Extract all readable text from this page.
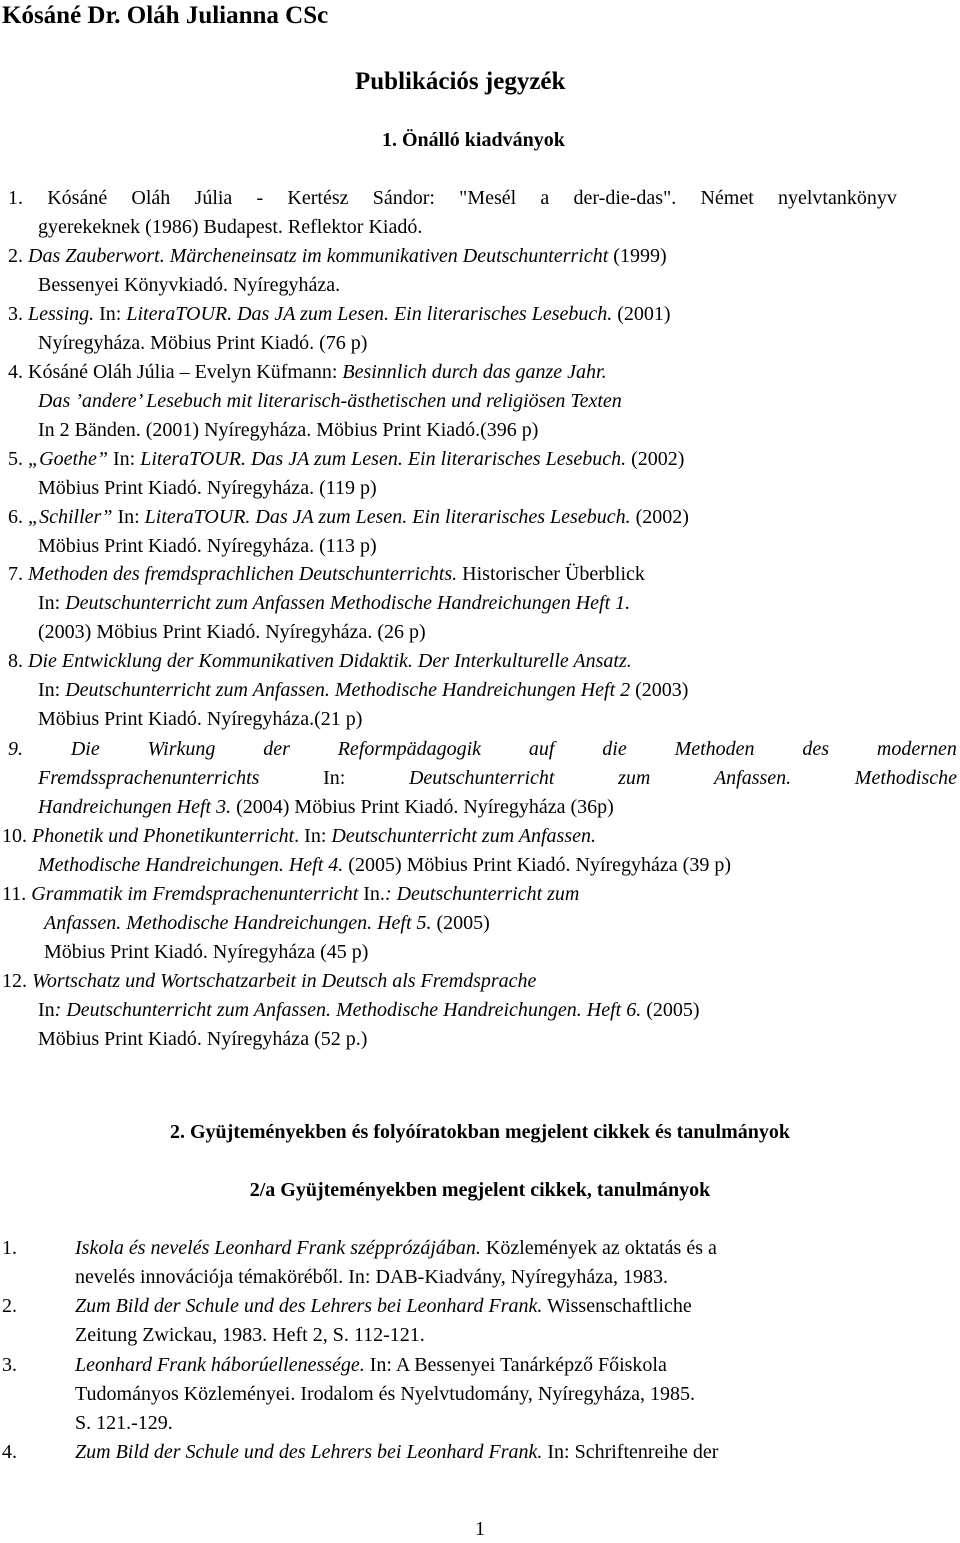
Kósáné Dr. Oláh Julianna CSc
Publikációs jegyzék
1. Önálló kiadványok
1. Kósáné Oláh Júlia - Kertész Sándor: "Mesél a der-die-das". Német nyelvtankönyv
gyerekeknek (1986) Budapest. Reflektor Kiadó.
2. Das Zauberwort. Märcheneinsatz im kommunikativen Deutschunterricht (1999)
Bessenyei Könyvkiadó. Nyíregyháza.
3. Lessing. In: LiteraTOUR. Das JA zum Lesen. Ein literarisches Lesebuch. (2001)
Nyíregyháza. Möbius Print Kiadó. (76 p)
4. Kósáné Oláh Júlia – Evelyn Küfmann: Besinnlich durch das ganze Jahr.
Das ’andere’ Lesebuch mit literarisch-ästhetischen und religiösen Texten
In 2 Bänden. (2001) Nyíregyháza. Möbius Print Kiadó.(396 p)
5. „Goethe” In: LiteraTOUR. Das JA zum Lesen. Ein literarisches Lesebuch. (2002)
Möbius Print Kiadó. Nyíregyháza. (119 p)
6. „Schiller” In: LiteraTOUR. Das JA zum Lesen. Ein literarisches Lesebuch. (2002)
Möbius Print Kiadó. Nyíregyháza. (113 p)
7. Methoden des fremdsprachlichen Deutschunterrichts. Historischer Überblick
In: Deutschunterricht zum Anfassen Methodische Handreichungen Heft 1.
(2003) Möbius Print Kiadó. Nyíregyháza. (26 p)
8. Die Entwicklung der Kommunikativen Didaktik. Der Interkulturelle Ansatz.
In: Deutschunterricht zum Anfassen. Methodische Handreichungen Heft 2 (2003)
Möbius Print Kiadó. Nyíregyháza.(21 p)
9. Die Wirkung der Reformpädagogik auf die Methoden des modernen
Fremdssprachenunterrichts	In:	Deutschunterricht	zum	Anfassen.	Methodische
Handreichungen Heft 3. (2004) Möbius Print Kiadó. Nyíregyháza (36p)
10. Phonetik und Phonetikunterricht. In: Deutschunterricht zum Anfassen.
Methodische Handreichungen. Heft 4. (2005) Möbius Print Kiadó. Nyíregyháza (39 p)
11. Grammatik im Fremdsprachenunterricht In.: Deutschunterricht zum
Anfassen. Methodische Handreichungen. Heft 5. (2005)
Möbius Print Kiadó. Nyíregyháza (45 p)
12. Wortschatz und Wortschatzarbeit in Deutsch als Fremdsprache
In: Deutschunterricht zum Anfassen. Methodische Handreichungen. Heft 6. (2005)
Möbius Print Kiadó. Nyíregyháza (52 p.)
2. Gyüjteményekben és folyóíratokban megjelent cikkek és tanulmányok
2/a Gyüjteményekben megjelent cikkek, tanulmányok
1.	Iskola és nevelés Leonhard Frank szépprózájában. Közlemények az oktatás és a
nevelés innovációja témaköréből. In: DAB-Kiadvány, Nyíregyháza, 1983.
2.	Zum Bild der Schule und des Lehrers bei Leonhard Frank. Wissenschaftliche
Zeitung Zwickau, 1983. Heft 2, S. 112-121.
3.	Leonhard Frank háborúellenessége. In: A Bessenyei Tanárképző Főiskola
Tudományos Közleményei. Irodalom és Nyelvtudomány, Nyíregyháza, 1985.
S. 121.-129.
4.	Zum Bild der Schule und des Lehrers bei Leonhard Frank. In: Schriftenreihe der
1
